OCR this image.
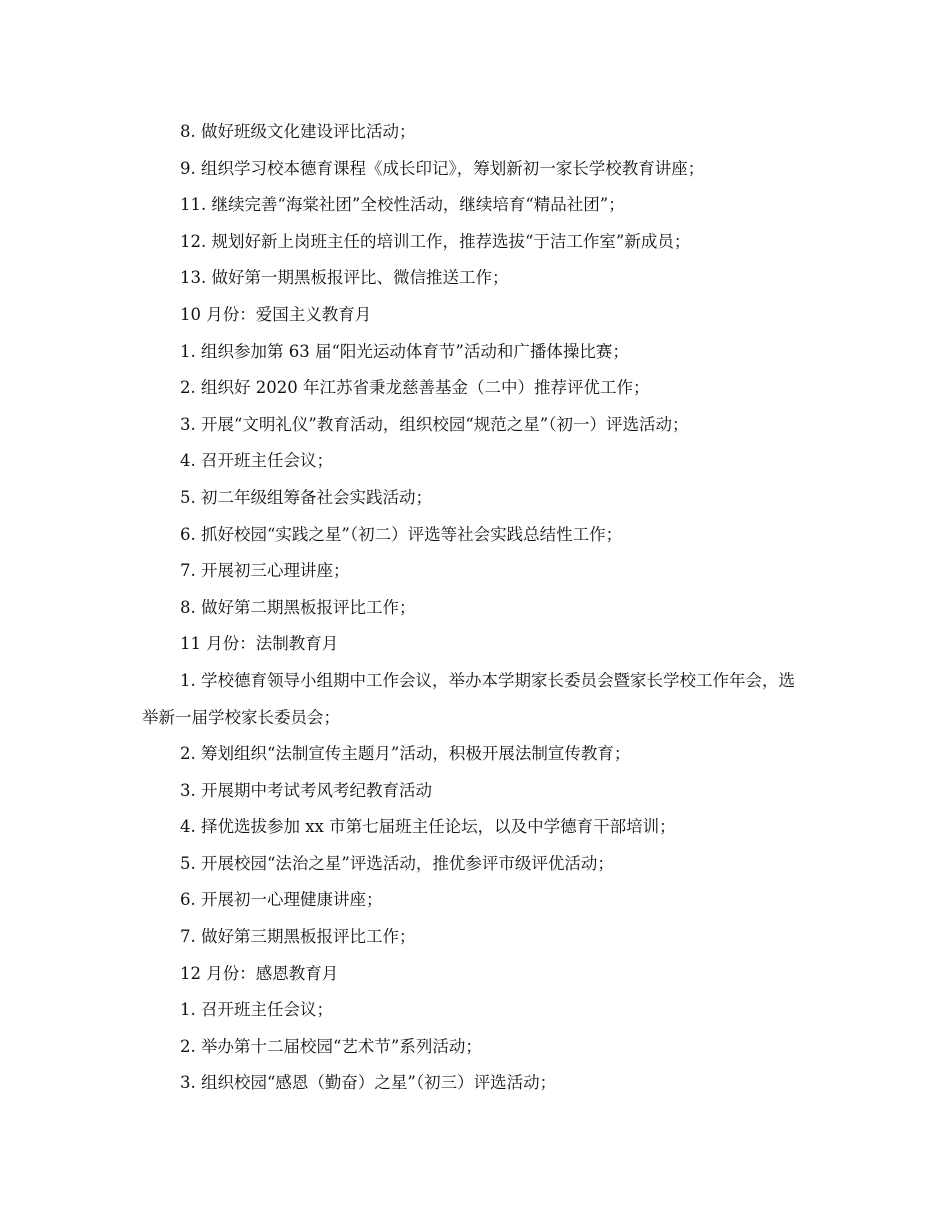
8. 做好班级文化建设评比活动；

9. 组织学习校本德育课程《成长印记》，筹划新初一家长学校教育讲座；

11. 继续完善“海棠社团”全校性活动，继续培育“精品社团”；

12. 规划好新上岗班主任的培训工作，推荐选拔“于洁工作室”新成员；

13. 做好第一期黑板报评比、微信推送工作；

10 月份：爱国主义教育月

1. 组织参加第 63 届“阳光运动体育节”活动和广播体操比赛；

2. 组织好 2020 年江苏省秉龙慈善基金（二中）推荐评优工作；

3. 开展“文明礼仪”教育活动，组织校园“规范之星”（初一）评选活动；

4. 召开班主任会议；

5. 初二年级组筹备社会实践活动；

6. 抓好校园“实践之星”（初二）评选等社会实践总结性工作；

7. 开展初三心理讲座；

8. 做好第二期黑板报评比工作；

11 月份：法制教育月

1. 学校德育领导小组期中工作会议，举办本学期家长委员会暨家长学校工作年会，选举新一届学校家长委员会；

2. 筹划组织“法制宣传主题月”活动，积极开展法制宣传教育；

3. 开展期中考试考风考纪教育活动

4. 择优选拔参加 xx 市第七届班主任论坛，以及中学德育干部培训；

5. 开展校园“法治之星”评选活动，推优参评市级评优活动；

6. 开展初一心理健康讲座；

7. 做好第三期黑板报评比工作；

12 月份：感恩教育月

1. 召开班主任会议；

2. 举办第十二届校园“艺术节”系列活动；

3. 组织校园“感恩（勤奋）之星”（初三）评选活动；
